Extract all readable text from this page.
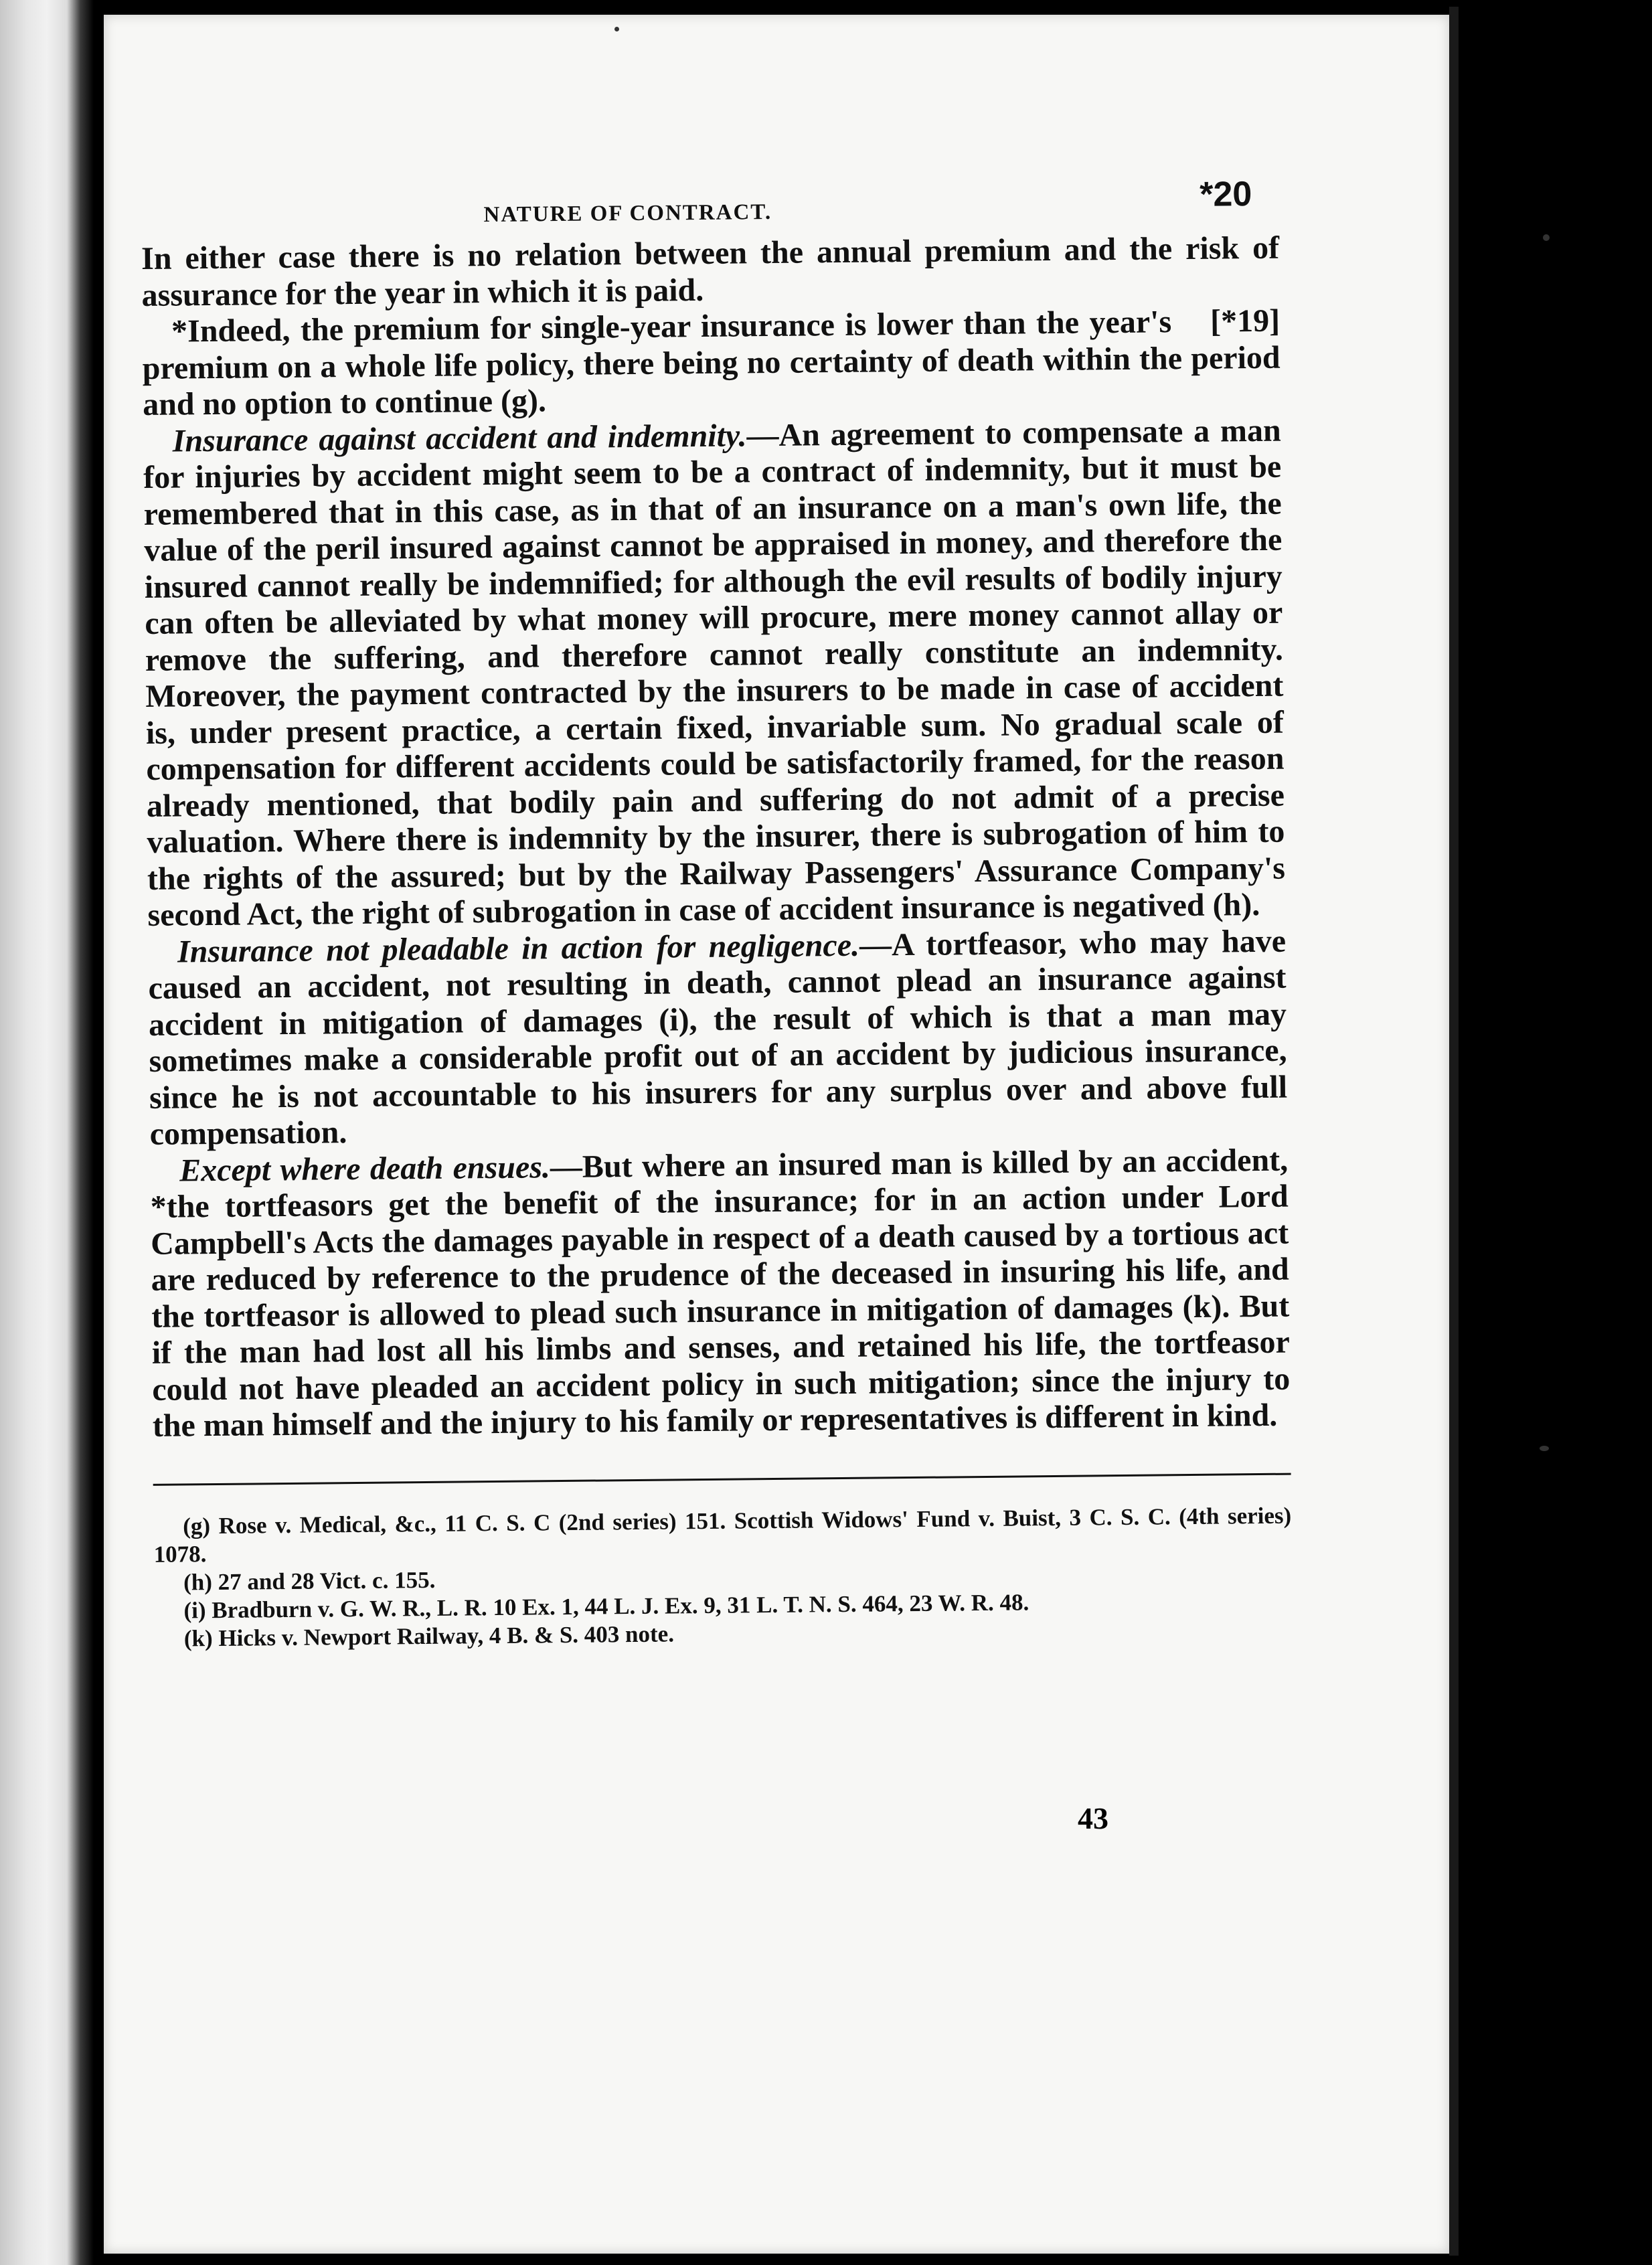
NATURE OF CONTRACT.	*20

In either case there is no relation between the annual premium and the risk of assurance for the year in which it is paid.

[*19]
*Indeed, the premium for single-year insurance is lower than the year's premium on a whole life policy, there being no certainty of death within the period and no option to continue (g).

Insurance against accident and indemnity.—An agreement to compensate a man for injuries by accident might seem to be a contract of indemnity, but it must be remembered that in this case, as in that of an insurance on a man's own life, the value of the peril insured against cannot be appraised in money, and therefore the insured cannot really be indemnified; for although the evil results of bodily injury can often be alleviated by what money will procure, mere money cannot allay or remove the suffering, and therefore cannot really constitute an indemnity. Moreover, the payment contracted by the insurers to be made in case of accident is, under present practice, a certain fixed, invariable sum. No gradual scale of compensation for different accidents could be satisfactorily framed, for the reason already mentioned, that bodily pain and suffering do not admit of a precise valuation. Where there is indemnity by the insurer, there is subrogation of him to the rights of the assured; but by the Railway Passengers' Assurance Company's second Act, the right of subrogation in case of accident insurance is negatived (h).

Insurance not pleadable in action for negligence.—A tortfeasor, who may have caused an accident, not resulting in death, cannot plead an insurance against accident in mitigation of damages (i), the result of which is that a man may sometimes make a considerable profit out of an accident by judicious insurance, since he is not accountable to his insurers for any surplus over and above full compensation.

Except where death ensues.—But where an insured man is killed by an accident, *the tortfeasors get the benefit of the insurance; for in an action under Lord Campbell's Acts the damages payable in respect of a death caused by a tortious act are reduced by reference to the prudence of the deceased in insuring his life, and the tortfeasor is allowed to plead such insurance in mitigation of damages (k). But if the man had lost all his limbs and senses, and retained his life, the tortfeasor could not have pleaded an accident policy in such mitigation; since the injury to the man himself and the injury to his family or representatives is different in kind.

(g) Rose v. Medical, &c., 11 C. S. C (2nd series) 151. Scottish Widows' Fund v. Buist, 3 C. S. C. (4th series) 1078.

(h) 27 and 28 Vict. c. 155.

(i) Bradburn v. G. W. R., L. R. 10 Ex. 1, 44 L. J. Ex. 9, 31 L. T. N. S. 464, 23 W. R. 48.

(k) Hicks v. Newport Railway, 4 B. & S. 403 note.

43
